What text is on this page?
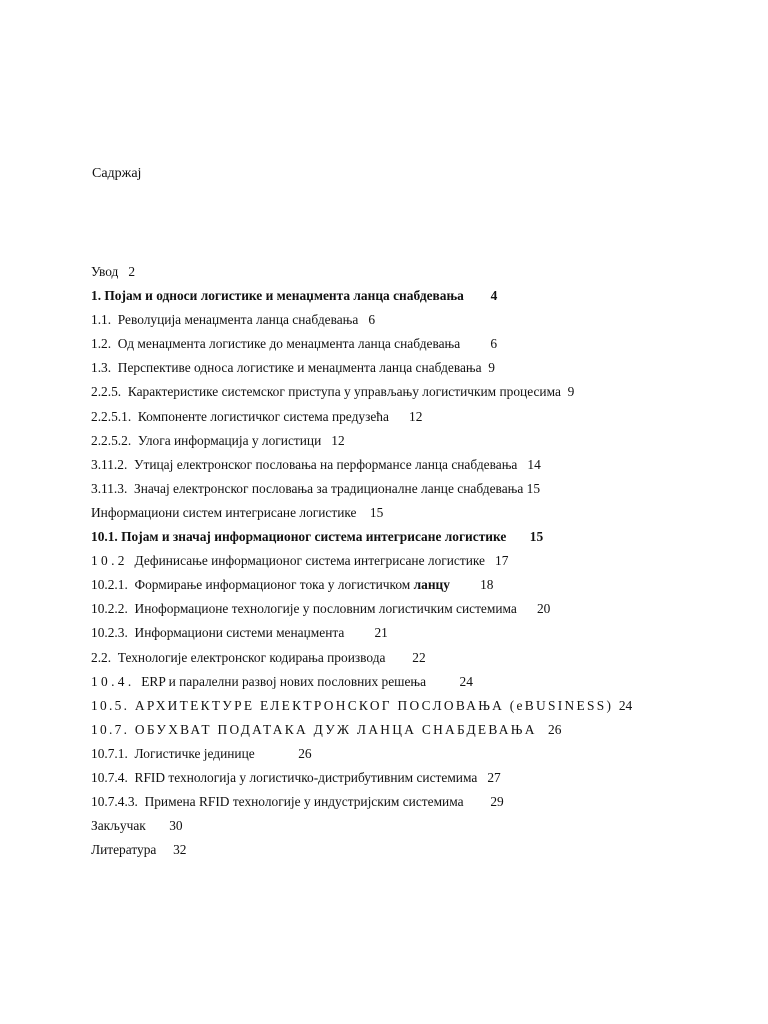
Садржај
Увод 2
1. Појам и односи логистике и менаџмента ланца снабдевања 4
1.1.  Револуција менаџмента ланца снабдевања 6
1.2.  Од менаџмента логистике до менаџмента ланца снабдевања 6
1.3.  Перспективе односа логистике и менаџмента ланца снабдевања 9
2.2.5.  Карактеристике системског приступа у управљању логистичким процесима 9
2.2.5.1.  Компоненте логистичког система предузећа 12
2.2.5.2.  Улога информација у логистици 12
3.11.2.  Утицај електронског пословања на перформансе ланца снабдевања 14
3.11.3.  Значај електронског пословања за традиционалне ланце снабдевања 15
Информациони систем интегрисане логистике 15
10.1. Појам и значај информационог система интегрисане логистике 15
1 0 . 2   Дефинисање информационог система интегрисане логистике 17
10.2.1.  Формирање информационог тока у логистичком ланцу 18
10.2.2.  Иноформационе технологије у пословним логистичким системима 20
10.2.3.  Информациони системи менаџмента 21
2.2.  Технологије електронског кодирања производа 22
1 0 . 4 .   ERP и паралелни развој нових пословних решења 24
10.5. АРХИТЕКТУРЕ ЕЛЕКТРОНСКОГ ПОСЛОВАЊА (eBUSINESS) 24
10.7. ОБУХВАТ ПОДАТАКА ДУЖ ЛАНЦА СНАБДЕВАЊА 26
10.7.1.  Логистичке јединице	26
10.7.4.  RFID технологија у логистичко-дистрибутивним системима 27
10.7.4.3.  Примена RFID технологије у индустријским системима 29
Закључак 30
Литература 32
